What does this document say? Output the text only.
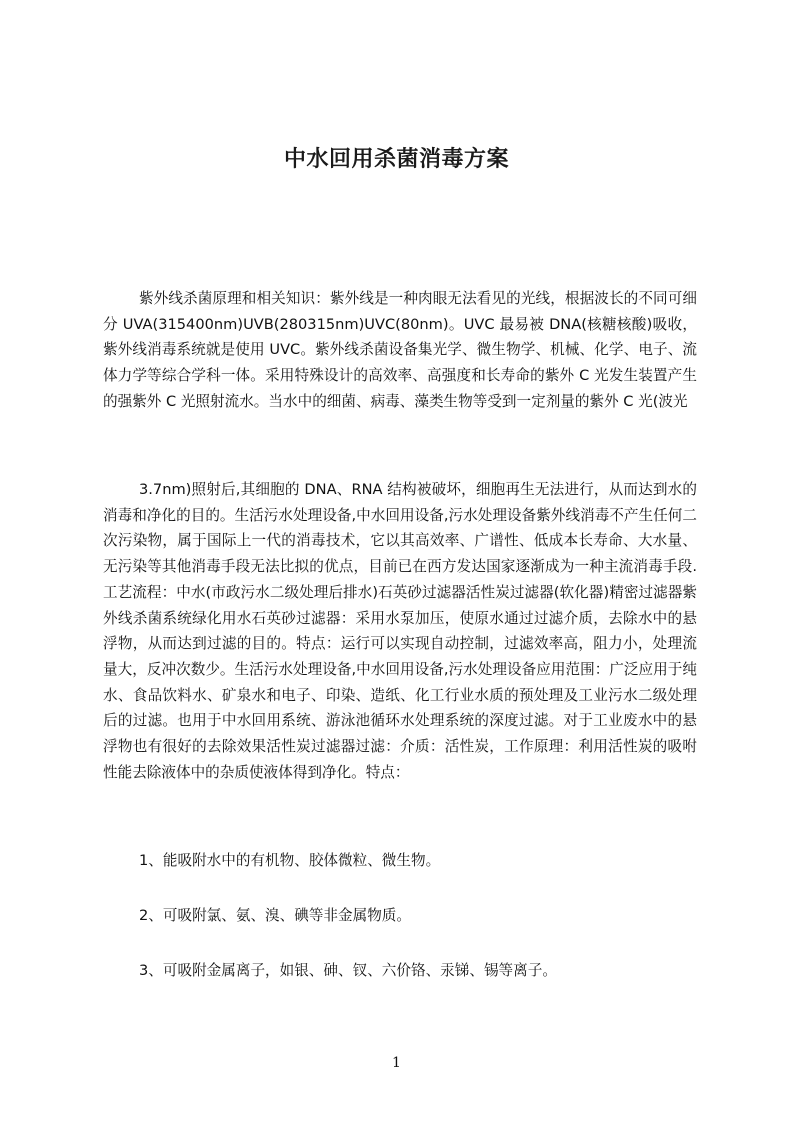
中水回用杀菌消毒方案

紫外线杀菌原理和相关知识：紫外线是一种肉眼无法看见的光线，根据波长的不同可细分 UVA(315400nm)UVB(280315nm)UVC(80nm)。UVC 最易被 DNA(核糖核酸)吸收，紫外线消毒系统就是使用 UVC。紫外线杀菌设备集光学、微生物学、机械、化学、电子、流体力学等综合学科一体。采用特殊设计的高效率、高强度和长寿命的紫外 C 光发生装置产生的强紫外 C 光照射流水。当水中的细菌、病毒、藻类生物等受到一定剂量的紫外 C 光(波光

3.7nm)照射后,其细胞的 DNA、RNA 结构被破坏，细胞再生无法进行，从而达到水的消毒和净化的目的。生活污水处理设备,中水回用设备,污水处理设备紫外线消毒不产生任何二次污染物，属于国际上一代的消毒技术，它以其高效率、广谱性、低成本长寿命、大水量、无污染等其他消毒手段无法比拟的优点，目前已在西方发达国家逐渐成为一种主流消毒手段.工艺流程：中水(市政污水二级处理后排水)石英砂过滤器活性炭过滤器(软化器)精密过滤器紫外线杀菌系统绿化用水石英砂过滤器：采用水泵加压，使原水通过过滤介质，去除水中的悬浮物，从而达到过滤的目的。特点：运行可以实现自动控制，过滤效率高，阻力小，处理流量大，反冲次数少。生活污水处理设备,中水回用设备,污水处理设备应用范围：广泛应用于纯水、食品饮料水、矿泉水和电子、印染、造纸、化工行业水质的预处理及工业污水二级处理后的过滤。也用于中水回用系统、游泳池循环水处理系统的深度过滤。对于工业废水中的悬浮物也有很好的去除效果活性炭过滤器过滤：介质：活性炭，工作原理：利用活性炭的吸咐性能去除液体中的杂质使液体得到净化。特点：

1、能吸附水中的有机物、胶体微粒、微生物。

2、可吸附氯、氨、溴、碘等非金属物质。

3、可吸附金属离子，如银、砷、钗、六价铬、汞锑、锡等离子。

1
